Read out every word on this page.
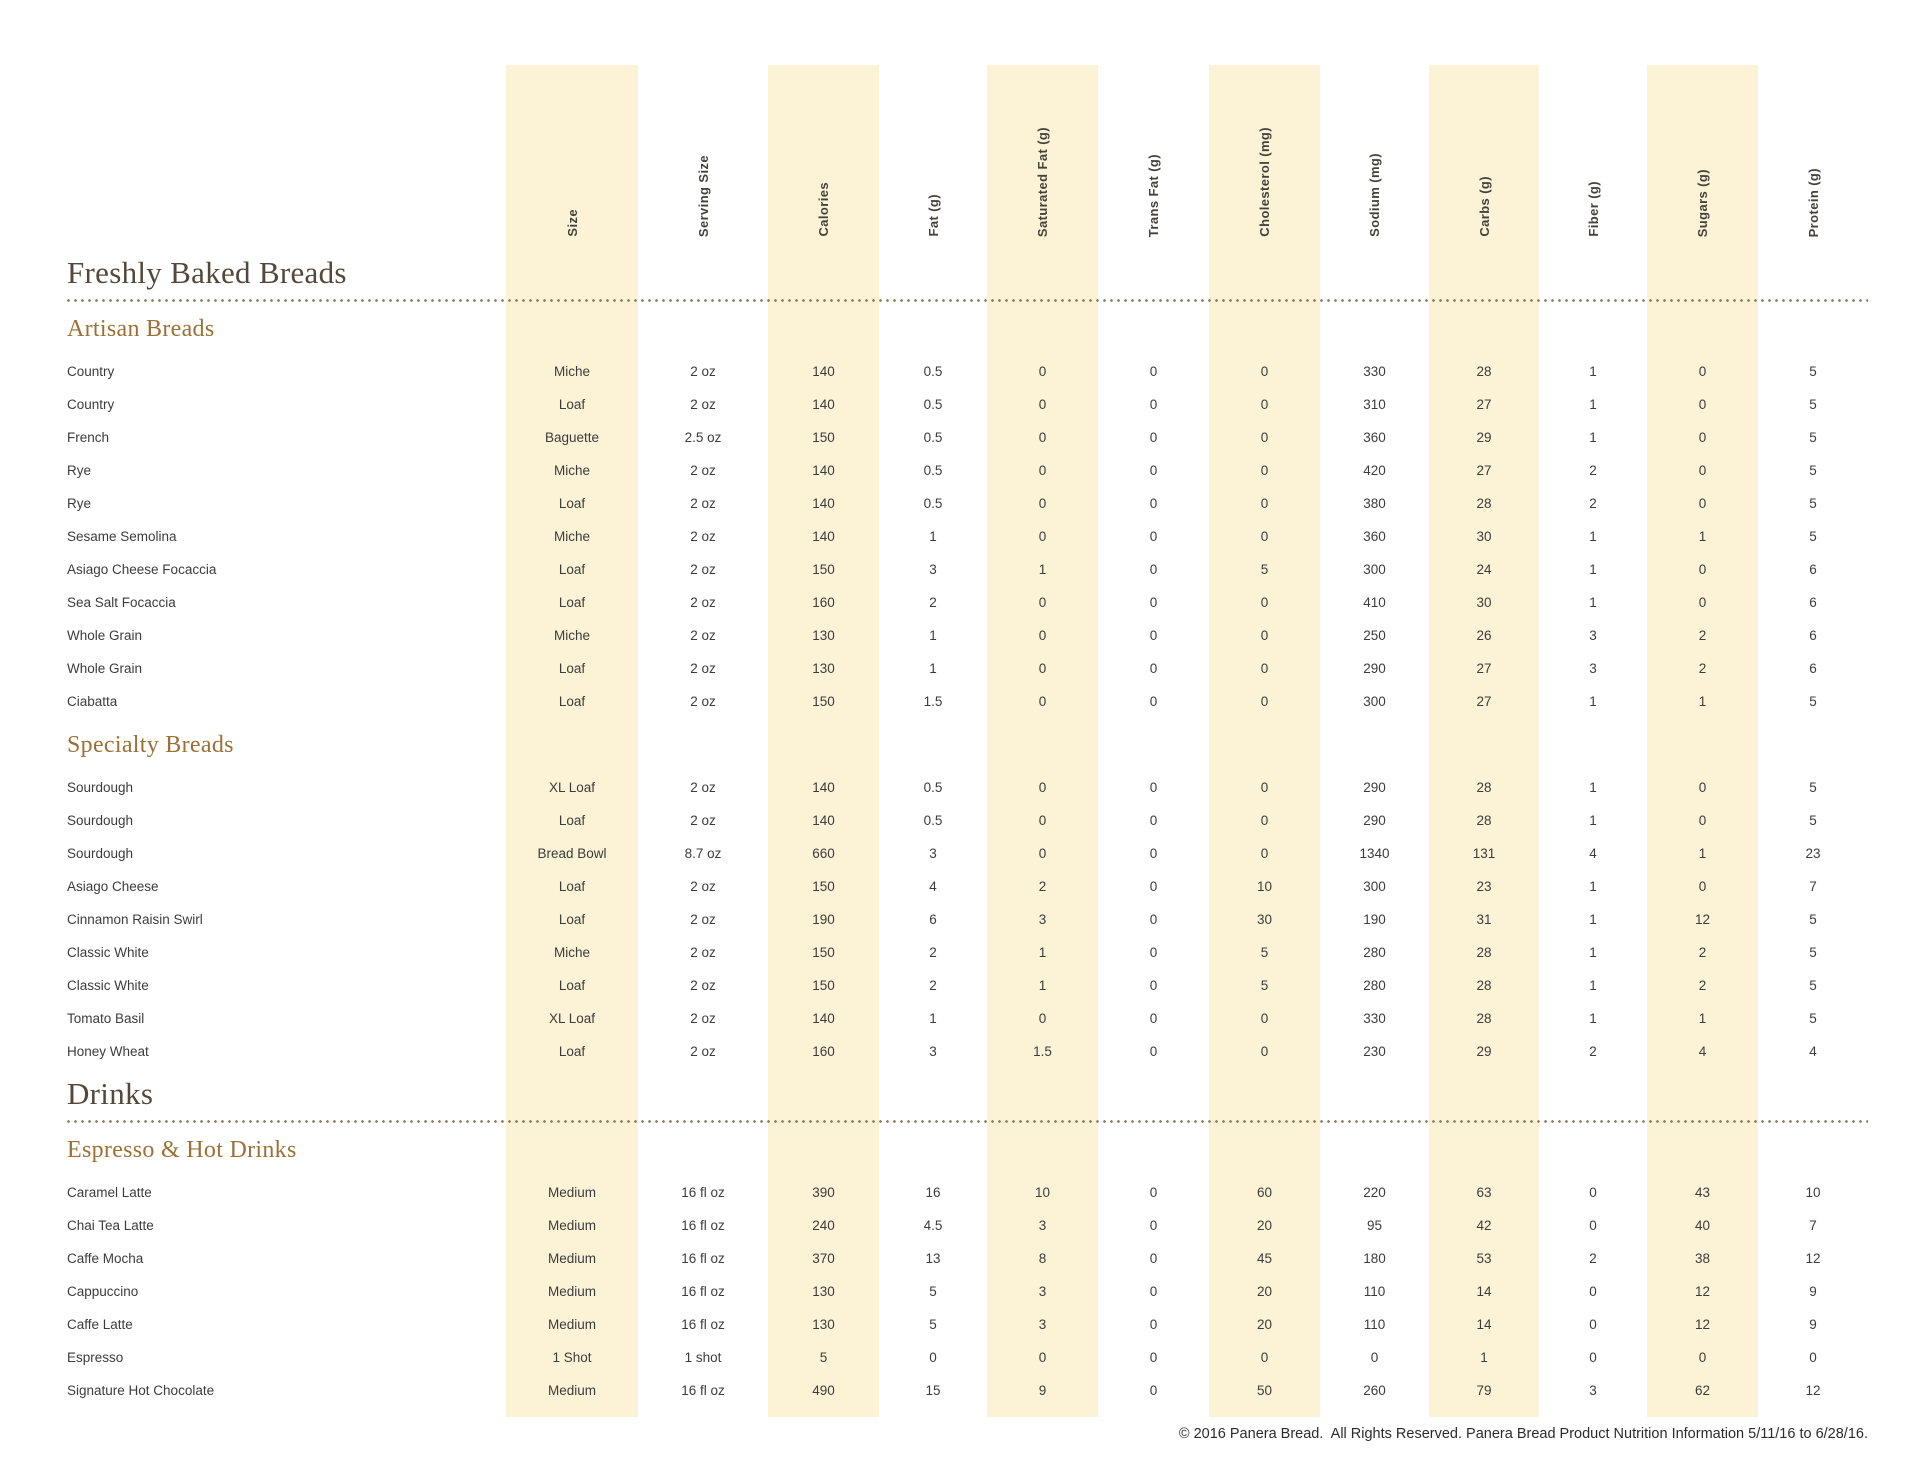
Size	Serving Size	Calories	Fat (g)	Saturated Fat (g)	Trans Fat (g)	Cholesterol (mg)	Sodium (mg)	Carbs (g)	Fiber (g)	Sugars (g)	Protein (g)
Freshly Baked Breads
Artisan Breads
Country	Miche	2 oz	140	0.5	0	0	0	330	28	1	0	5
Country	Loaf	2 oz	140	0.5	0	0	0	310	27	1	0	5
French	Baguette	2.5 oz	150	0.5	0	0	0	360	29	1	0	5
Rye	Miche	2 oz	140	0.5	0	0	0	420	27	2	0	5
Rye	Loaf	2 oz	140	0.5	0	0	0	380	28	2	0	5
Sesame Semolina	Miche	2 oz	140	1	0	0	0	360	30	1	1	5
Asiago Cheese Focaccia	Loaf	2 oz	150	3	1	0	5	300	24	1	0	6
Sea Salt Focaccia	Loaf	2 oz	160	2	0	0	0	410	30	1	0	6
Whole Grain	Miche	2 oz	130	1	0	0	0	250	26	3	2	6
Whole Grain	Loaf	2 oz	130	1	0	0	0	290	27	3	2	6
Ciabatta	Loaf	2 oz	150	1.5	0	0	0	300	27	1	1	5
Specialty Breads
Sourdough	XL Loaf	2 oz	140	0.5	0	0	0	290	28	1	0	5
Sourdough	Loaf	2 oz	140	0.5	0	0	0	290	28	1	0	5
Sourdough	Bread Bowl	8.7 oz	660	3	0	0	0	1340	131	4	1	23
Asiago Cheese	Loaf	2 oz	150	4	2	0	10	300	23	1	0	7
Cinnamon Raisin Swirl	Loaf	2 oz	190	6	3	0	30	190	31	1	12	5
Classic White	Miche	2 oz	150	2	1	0	5	280	28	1	2	5
Classic White	Loaf	2 oz	150	2	1	0	5	280	28	1	2	5
Tomato Basil	XL Loaf	2 oz	140	1	0	0	0	330	28	1	1	5
Honey Wheat	Loaf	2 oz	160	3	1.5	0	0	230	29	2	4	4
Drinks
Espresso & Hot Drinks
Caramel Latte	Medium	16 fl oz	390	16	10	0	60	220	63	0	43	10
Chai Tea Latte	Medium	16 fl oz	240	4.5	3	0	20	95	42	0	40	7
Caffe Mocha	Medium	16 fl oz	370	13	8	0	45	180	53	2	38	12
Cappuccino	Medium	16 fl oz	130	5	3	0	20	110	14	0	12	9
Caffe Latte	Medium	16 fl oz	130	5	3	0	20	110	14	0	12	9
Espresso	1 Shot	1 shot	5	0	0	0	0	0	1	0	0	0
Signature Hot Chocolate	Medium	16 fl oz	490	15	9	0	50	260	79	3	62	12
© 2016 Panera Bread.  All Rights Reserved. Panera Bread Product Nutrition Information 5/11/16 to 6/28/16.
